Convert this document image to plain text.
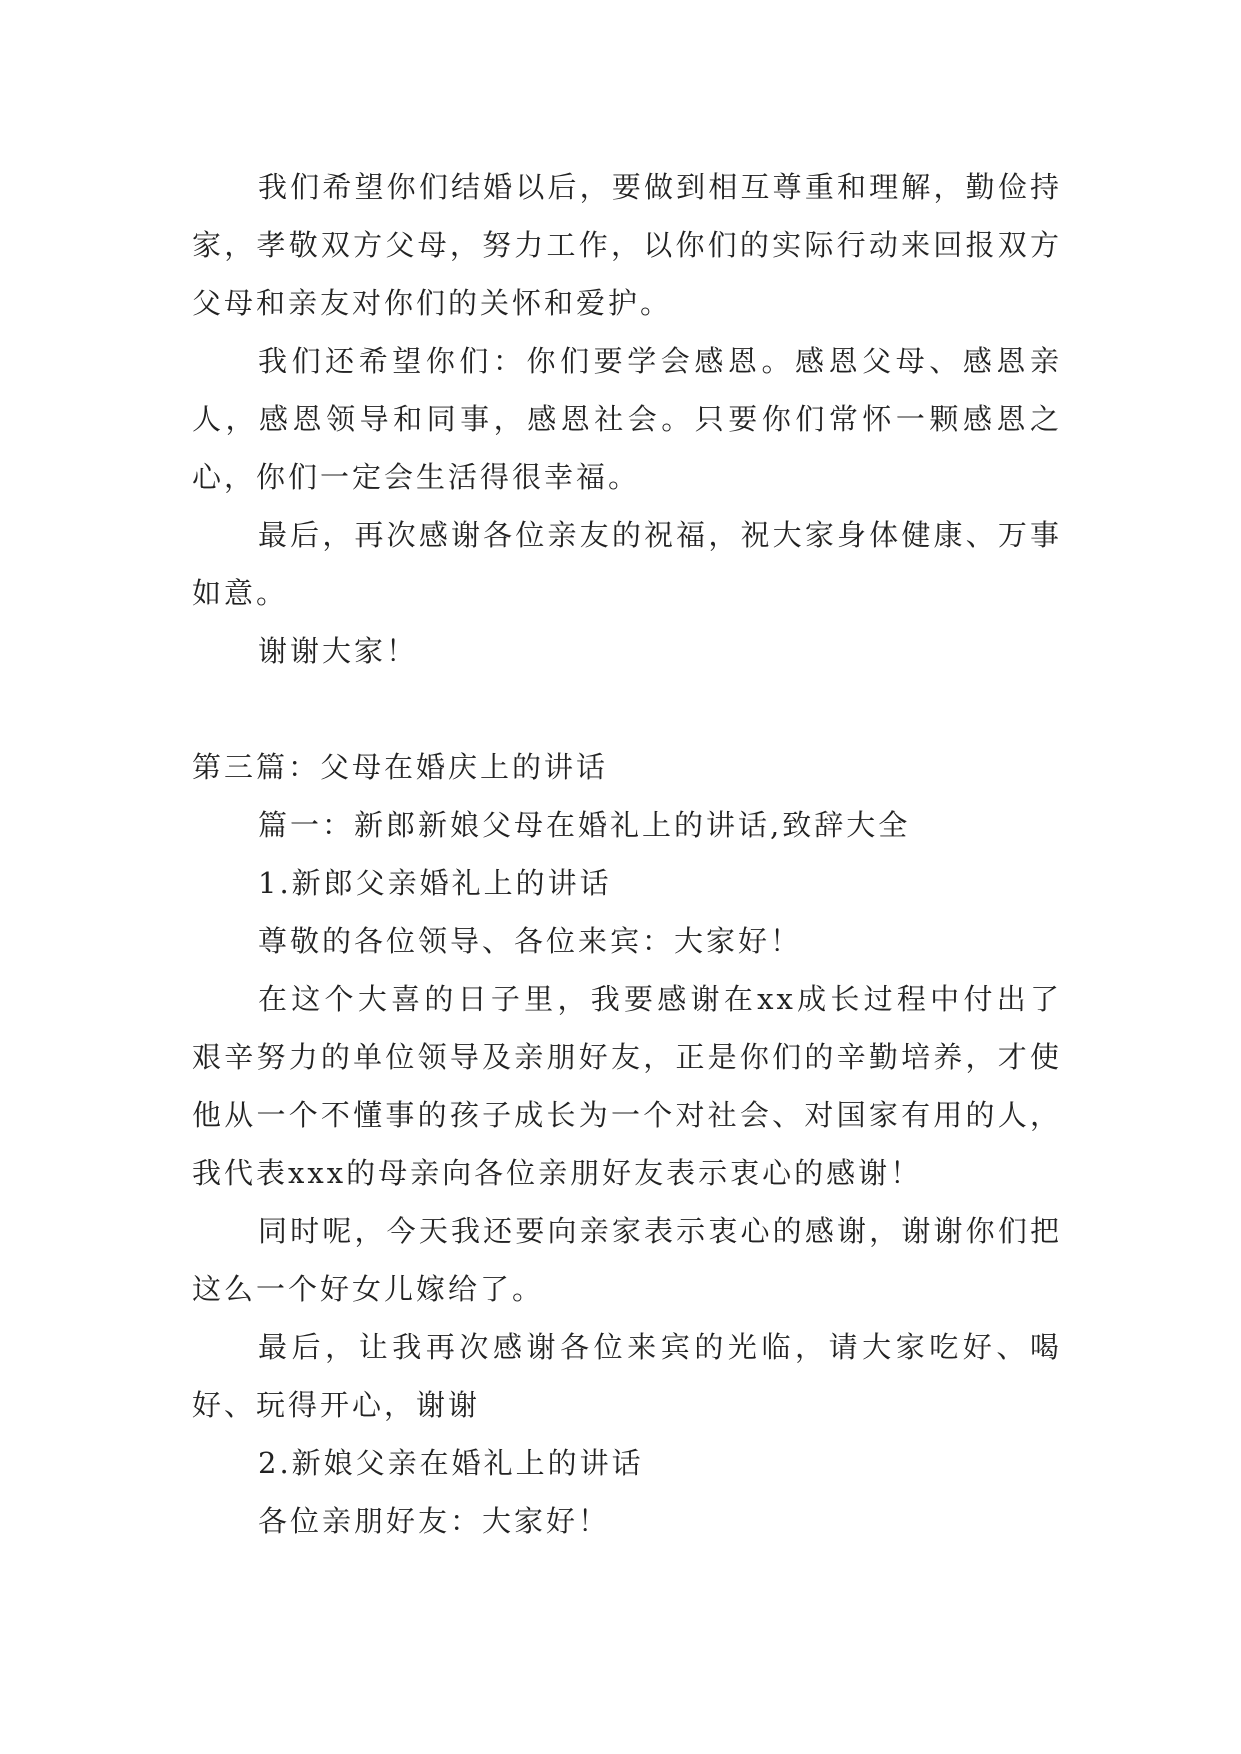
我们希望你们结婚以后，要做到相互尊重和理解，勤俭持家，孝敬双方父母，努力工作，以你们的实际行动来回报双方父母和亲友对你们的关怀和爱护。

我们还希望你们：你们要学会感恩。感恩父母、感恩亲人，感恩领导和同事，感恩社会。只要你们常怀一颗感恩之心，你们一定会生活得很幸福。

最后，再次感谢各位亲友的祝福，祝大家身体健康、万事如意。

谢谢大家！

第三篇：父母在婚庆上的讲话

篇一：新郎新娘父母在婚礼上的讲话,致辞大全

1.新郎父亲婚礼上的讲话

尊敬的各位领导、各位来宾：大家好！

在这个大喜的日子里，我要感谢在xx成长过程中付出了艰辛努力的单位领导及亲朋好友，正是你们的辛勤培养，才使他从一个不懂事的孩子成长为一个对社会、对国家有用的人，我代表xxx的母亲向各位亲朋好友表示衷心的感谢！

同时呢，今天我还要向亲家表示衷心的感谢，谢谢你们把这么一个好女儿嫁给了。

最后，让我再次感谢各位来宾的光临，请大家吃好、喝好、玩得开心，谢谢

2.新娘父亲在婚礼上的讲话

各位亲朋好友：大家好！
